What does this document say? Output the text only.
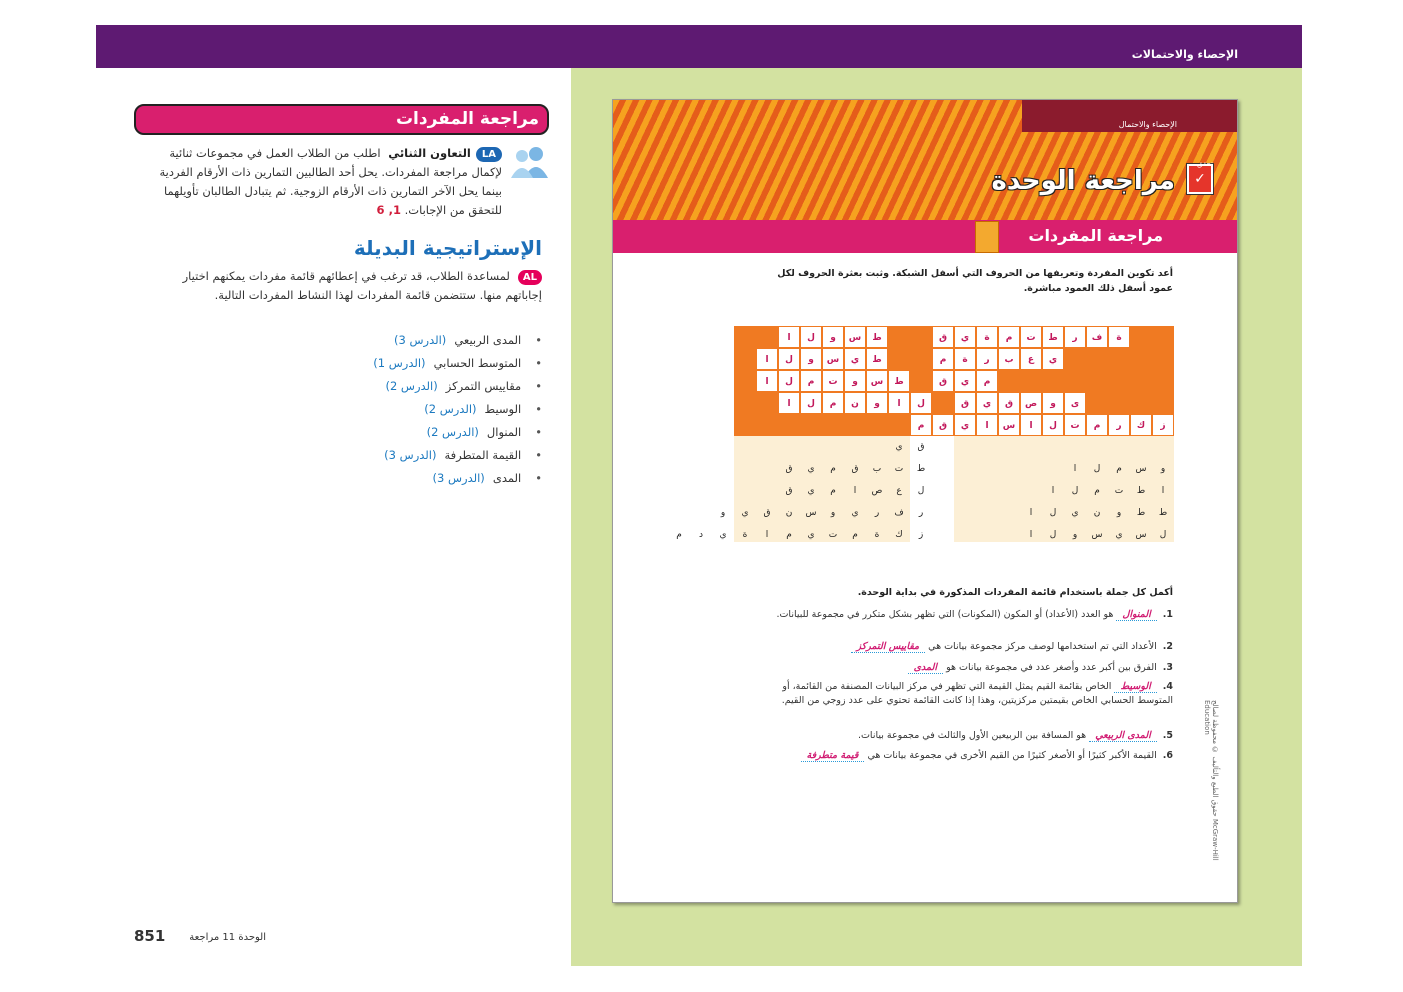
الإحصاء والاحتمالات
مراجعة المفردات
LAالتعاون الثنائي اطلب من الطلاب العمل في مجموعات ثنائية لإكمال مراجعة المفردات. يحل أحد الطالبين التمارين ذات الأرقام الفردية بينما يحل الآخر التمارين ذات الأرقام الزوجية. ثم يتبادل الطالبان تأويلهما للتحقق من الإجابات. 1, 6
الإستراتيجية البديلة
ALلمساعدة الطلاب، قد ترغب في إعطائهم قائمة مفردات يمكنهم اختيار إجاباتهم منها. ستتضمن قائمة المفردات لهذا النشاط المفردات التالية.
• المدى الربيعي(الدرس 3)
• المتوسط الحسابي(الدرس 1)
• مقاييس التمركز(الدرس 2)
• الوسيط(الدرس 2)
• المنوال(الدرس 2)
• القيمة المتطرفة(الدرس 3)
• المدى(الدرس 3)
851 الوحدة 11 مراجعة
الإحصاء والاحتمال
✓
تحقق
مراجعة الوحدة
مراجعة المفردات
أعد تكوين المفردة وتعريفها من الحروف التي أسفل الشبكة. وثبت بعثرة الحروف لكل عمود أسفل ذلك العمود مباشرة.
ة
ف
ر
ط
ت
م
ة
ي
ق
ط
س
و
ل
ا
ي
ع
ب
ر
ة
م
ط
ي
س
و
ل
ا
م
ي
ق
ط
س
و
ت
م
ل
ا
ى
و
ص
ق
ي
ق
ل
ا
و
ن
م
ل
ا
ز
ك
ر
م
ت
ل
ا
س
ا
ي
ق
م
ق
ي
ط
ت
ب
ق
م
ي
ق
ل
ع
ص
ا
م
ي
ق
ر
ف
ر
ي
و
س
ن
ق
ي
و
ز
ك
ة
م
ت
ي
م
ا
ة
ي
د
م
و
س
م
ل
ا
ا
ط
ت
م
ل
ا
ط
ط
و
ن
ي
ل
ا
ل
س
ي
س
و
ل
ا
أكمل كل جملة باستخدام قائمة المفردات المذكورة في بداية الوحدة.
1.المنوال هو العدد (الأعداد) أو المكون (المكونات) التي تظهر بشكل متكرر في مجموعة للبيانات.
2.الأعداد التي تم استخدامها لوصف مركز مجموعة بيانات هي مقاييس التمركز
3.الفرق بين أكبر عدد وأصغر عدد في مجموعة بيانات هو المدى
4.الوسيط الخاص بقائمة القيم يمثل القيمة التي تظهر في مركز البيانات المصنفة من القائمة، أو المتوسط الحسابي الخاص بقيمتين مركزيتين، وهذا إذا كانت القائمة تحتوي على عدد زوجي من القيم.
5.المدى الربيعي هو المسافة بين الربيعين الأول والثالث في مجموعة بيانات.
6.القيمة الأكبر كثيرًا أو الأصغر كثيرًا من القيم الأخرى في مجموعة بيانات هي قيمة متطرفة	حقوق الطبع والتأليف © محفوظة لصالح McGraw-Hill Education
